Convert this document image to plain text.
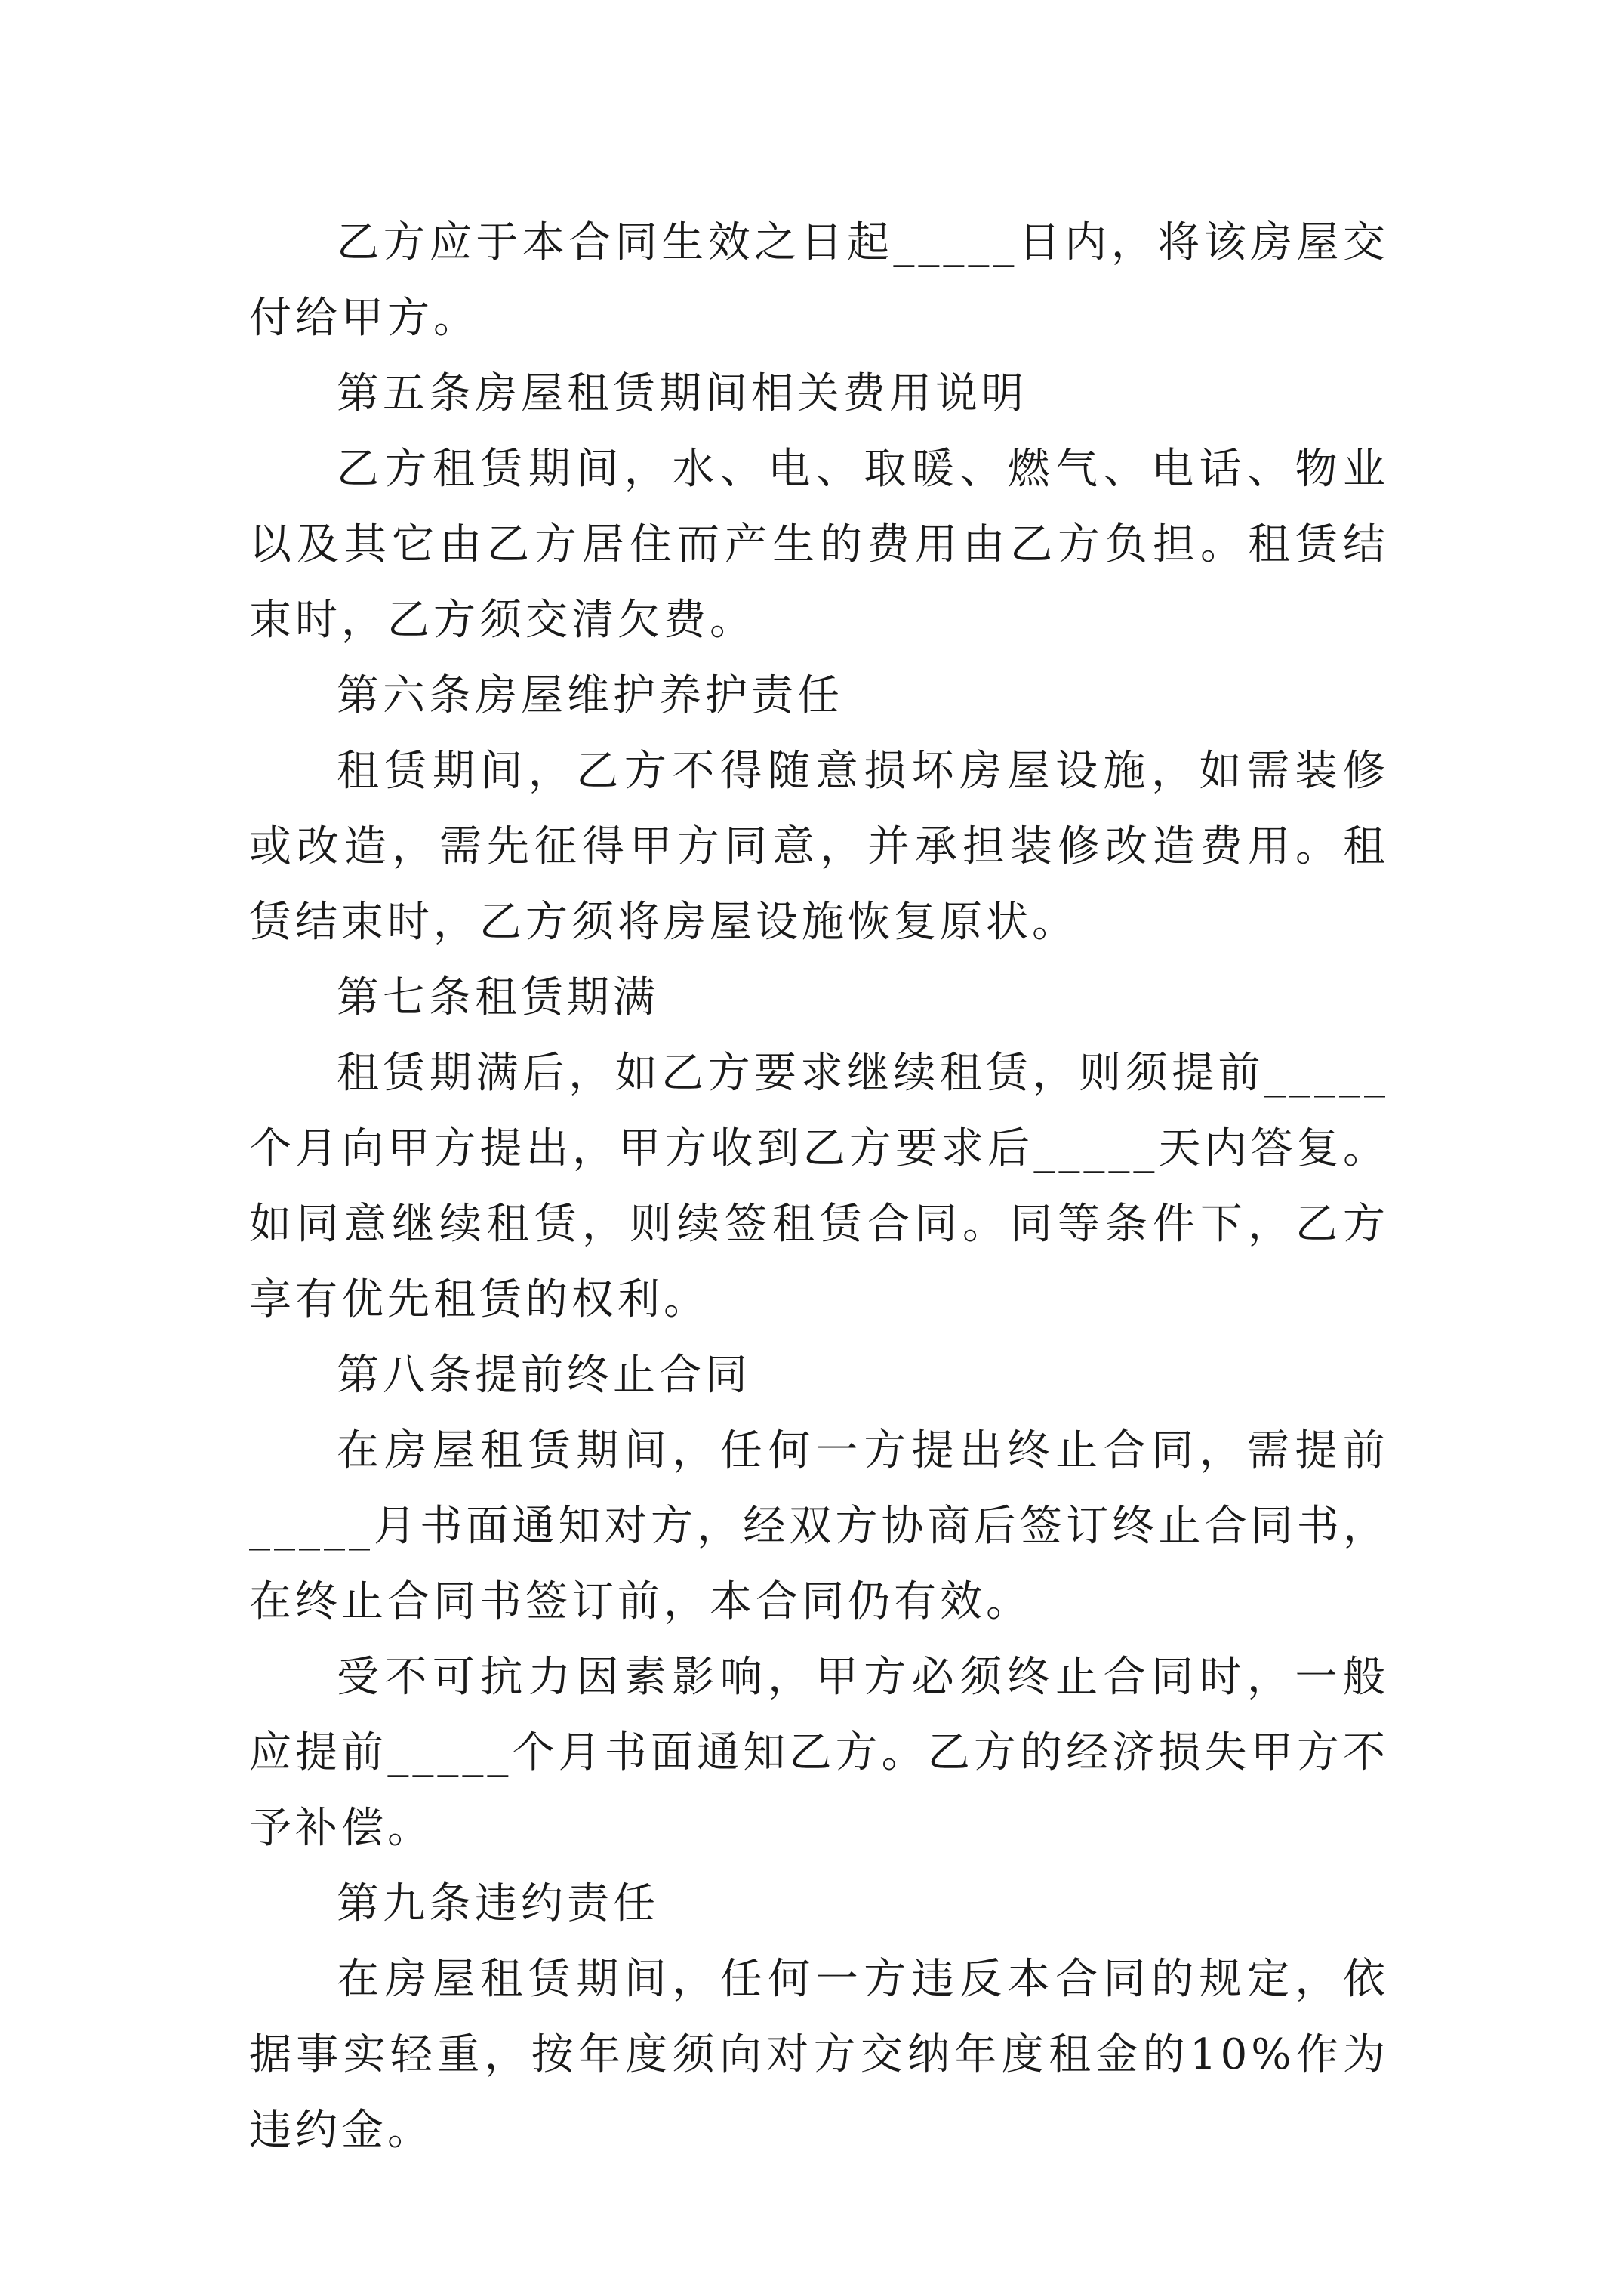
乙方应于本合同生效之日起_____日内，将该房屋交付给甲方。

第五条房屋租赁期间相关费用说明

乙方租赁期间，水、电、取暖、燃气、电话、物业以及其它由乙方居住而产生的费用由乙方负担。租赁结束时，乙方须交清欠费。

第六条房屋维护养护责任

租赁期间，乙方不得随意损坏房屋设施，如需装修或改造，需先征得甲方同意，并承担装修改造费用。租赁结束时，乙方须将房屋设施恢复原状。

第七条租赁期满

租赁期满后，如乙方要求继续租赁，则须提前_____个月向甲方提出，甲方收到乙方要求后_____天内答复。如同意继续租赁，则续签租赁合同。同等条件下，乙方享有优先租赁的权利。

第八条提前终止合同

在房屋租赁期间，任何一方提出终止合同，需提前_____月书面通知对方，经双方协商后签订终止合同书，在终止合同书签订前，本合同仍有效。

受不可抗力因素影响，甲方必须终止合同时，一般应提前_____个月书面通知乙方。乙方的经济损失甲方不予补偿。

第九条违约责任

在房屋租赁期间，任何一方违反本合同的规定，依据事实轻重，按年度须向对方交纳年度租金的10%作为违约金。
